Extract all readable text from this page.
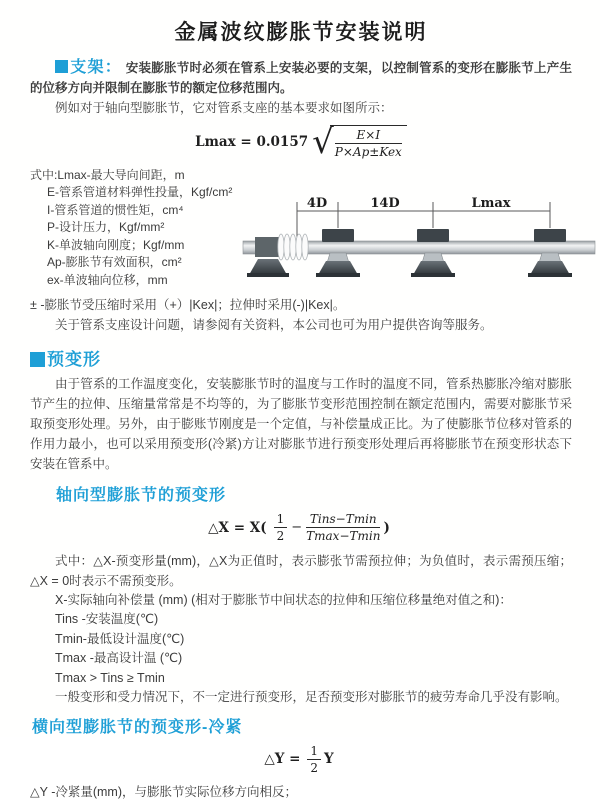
金属波纹膨胀节安装说明

支架： 安装膨胀节时必须在管系上安装必要的支架，以控制管系的变形在膨胀节上产生的位移方向并限制在膨胀节的额定位移范围内。

例如对于轴向型膨胀节，它对管系支座的基本要求如图所示：

Lmax = 0.0157 √ $\frac{E\times I}{\text{P×Ap±Kex}}$
式中:Lmax-最大导向间距，m
E-管系管道材料弹性投量，Kgf/cm²
I-管系管道的惯性矩，cm⁴
P-设计压力，Kgf/mm²
K-单波轴向刚度；Kgf/mm
Ap-膨胀节有效面积，cm²
ex-单波轴向位移，mm
4D	14D	Lmax

± -膨胀节受压缩时采用（+）|Kex|；拉伸时采用(-)|Kex|。

关于管系支座设计问题，请参阅有关资料，本公司也可为用户提供咨询等服务。

预变形

由于管系的工作温度变化，安装膨胀节时的温度与工作时的温度不同，管系热膨胀冷缩对膨胀节产生的拉伸、压缩量常常是不均等的，为了膨胀节变形范围控制在额定范围内，需要对膨胀节采取预变形处理。另外，由于膨账节刚度是一个定值，与补偿量成正比。为了使膨胀节位移对管系的作用力最小，也可以采用预变形(冷紧)方让对膨胀节进行预变形处理后再将膨胀节在预变形状态下安装在管系中。

轴向型膨胀节的预变形
△X = $X( \frac{1}{2} - \frac{\text{Tins−Tmin}}{Tmax-Tmin}$ )

式中：△X-预变形量(mm)，△X为正值时，表示膨张节需预拉伸；为负值时，表示需预压缩；△X = 0时表示不需预变形。

X-实际轴向补偿量 (mm) (相对于膨胀节中间状态的拉伸和压缩位移量绝对值之和)：
Tins -安装温度(℃)
Tmin-最低设计温度(℃)
Tmax -最高设计温 (℃)
Tmax > Tins ≥ Tmin
一般变形和受力情况下，不一定进行预变形，足否预变形对膨胀节的疲劳寿命几乎没有影响。
横向型膨胀节的预变形-冷紧
△Y = $\frac{1}{2}$ Y

△Y -冷紧量(mm)，与膨胀节实际位移方向相反；
